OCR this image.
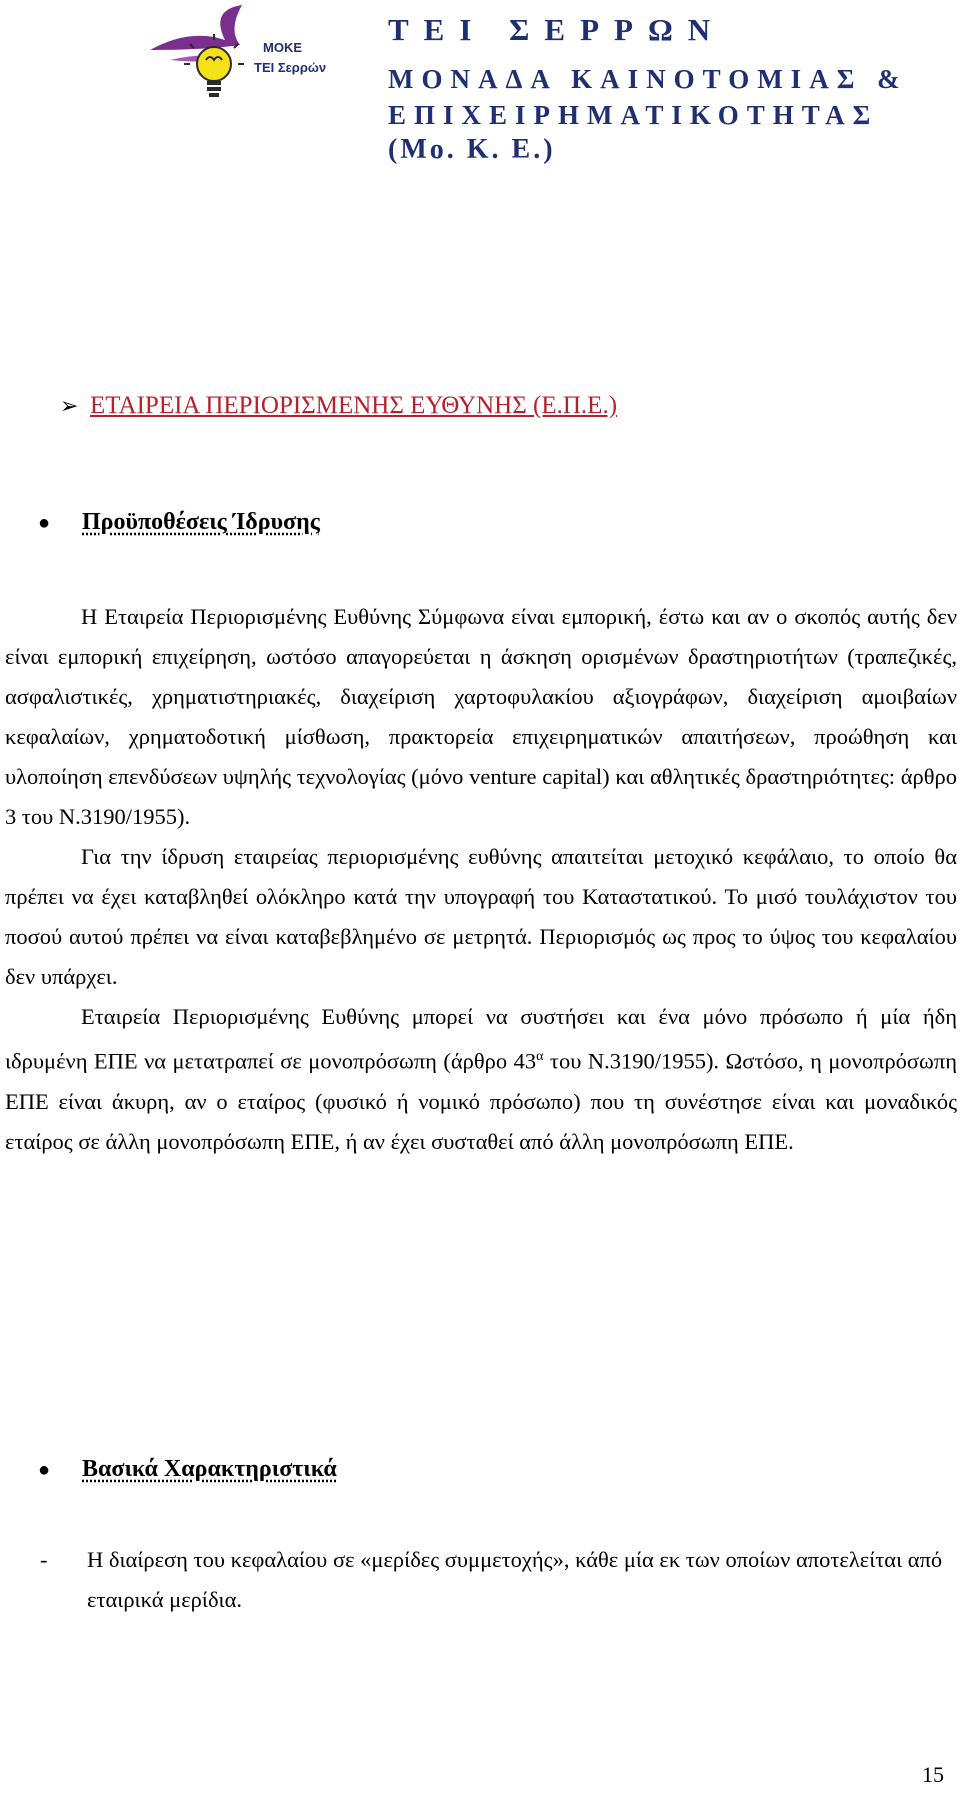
ΜΟΚΕ
ΤΕΙ Σερρών
ΤΕΙ ΣΕΡΡΩΝ
ΜΟΝΑΔΑ ΚΑΙΝΟΤΟΜΙΑΣ &
ΕΠΙΧΕΙΡΗΜΑΤΙΚΟΤΗΤΑΣ
(Μο. Κ. Ε.)
➢ ΕΤΑΙΡΕΙΑ ΠΕΡΙΟΡΙΣΜΕΝΗΣ ΕΥΘΥΝΗΣ (Ε.Π.Ε.)
● Προϋποθέσεις Ίδρυσης

Η Εταιρεία Περιορισμένης Ευθύνης Σύμφωνα είναι εμπορική, έστω και αν ο σκοπός αυτής δεν είναι εμπορική επιχείρηση, ωστόσο απαγορεύεται η άσκηση ορισμένων δραστηριοτήτων (τραπεζικές, ασφαλιστικές, χρηματιστηριακές, διαχείριση χαρτοφυλακίου αξιογράφων, διαχείριση αμοιβαίων κεφαλαίων, χρηματοδοτική μίσθωση, πρακτορεία επιχειρηματικών απαιτήσεων, προώθηση και υλοποίηση επενδύσεων υψηλής τεχνολογίας (μόνο venture capital) και αθλητικές δραστηριότητες: άρθρο 3 του Ν.3190/1955).

Για την ίδρυση εταιρείας περιορισμένης ευθύνης απαιτείται μετοχικό κεφάλαιο, το οποίο θα πρέπει να έχει καταβληθεί ολόκληρο κατά την υπογραφή του Καταστατικού. Το μισό τουλάχιστον του ποσού αυτού πρέπει να είναι καταβεβλημένο σε μετρητά. Περιορισμός ως προς το ύψος του κεφαλαίου δεν υπάρχει.

Εταιρεία Περιορισμένης Ευθύνης μπορεί να συστήσει και ένα μόνο πρόσωπο ή μία ήδη ιδρυμένη ΕΠΕ να μετατραπεί σε μονοπρόσωπη (άρθρο $43^\alpha$ του Ν.3190/1955). Ωστόσο, η μονοπρόσωπη ΕΠΕ είναι άκυρη, αν ο εταίρος (φυσικό ή νομικό πρόσωπο) που τη συνέστησε είναι και μοναδικός εταίρος σε άλλη μονοπρόσωπη ΕΠΕ, ή αν έχει συσταθεί από άλλη μονοπρόσωπη ΕΠΕ.

● Βασικά Χαρακτηριστικά
- Η διαίρεση του κεφαλαίου σε «μερίδες συμμετοχής», κάθε μία εκ των οποίων αποτελείται από εταιρικά μερίδια.
15
